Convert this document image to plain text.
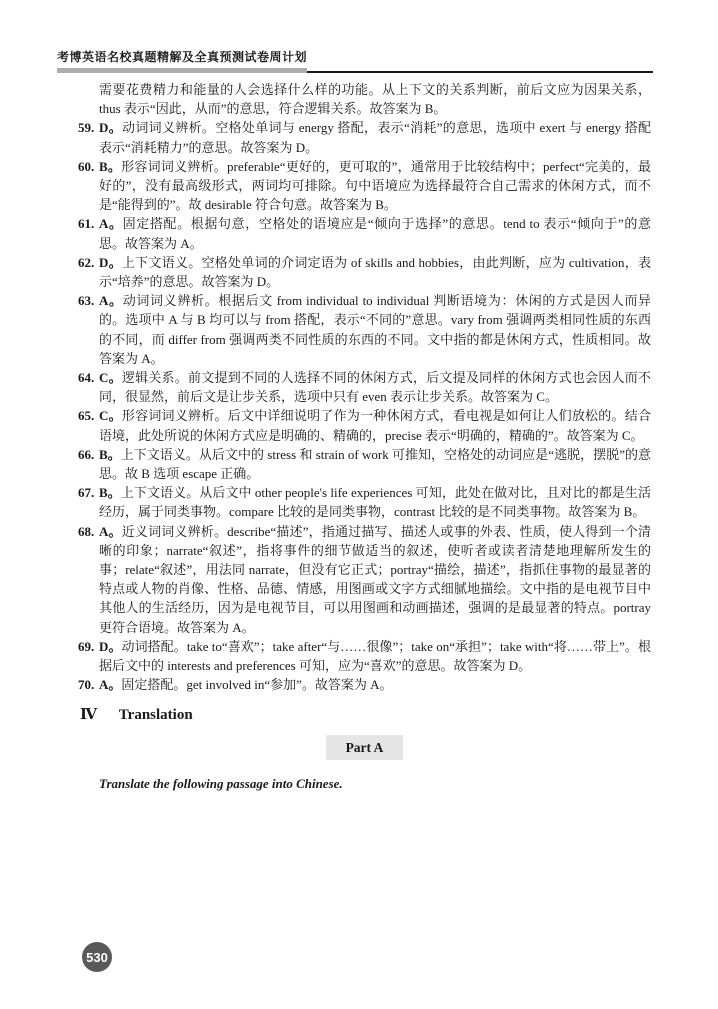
考博英语名校真题精解及全真预测试卷周计划

需要花费精力和能量的人会选择什么样的功能。从上下文的关系判断，前后文应为因果关系，thus 表示“因此，从而”的意思，符合逻辑关系。故答案为 B。

59. D。动词词义辨析。空格处单词与 energy 搭配，表示“消耗”的意思，选项中 exert 与 energy 搭配表示“消耗精力”的意思。故答案为 D。
60. B。形容词词义辨析。preferable“更好的，更可取的”，通常用于比较结构中；perfect“完美的，最好的”，没有最高级形式，两词均可排除。句中语境应为选择最符合自己需求的休闲方式，而不是“能得到的”。故 desirable 符合句意。故答案为 B。
61. A。固定搭配。根据句意，空格处的语境应是“倾向于选择”的意思。tend to 表示“倾向于”的意思。故答案为 A。
62. D。上下文语义。空格处单词的介词定语为 of skills and hobbies，由此判断，应为 cultivation，表示“培养”的意思。故答案为 D。
63. A。动词词义辨析。根据后文 from individual to individual 判断语境为：休闲的方式是因人而异的。选项中 A 与 B 均可以与 from 搭配，表示“不同的”意思。vary from 强调两类相同性质的东西的不同，而 differ from 强调两类不同性质的东西的不同。文中指的都是休闲方式，性质相同。故答案为 A。
64. C。逻辑关系。前文提到不同的人选择不同的休闲方式，后文提及同样的休闲方式也会因人而不同，很显然，前后文是让步关系，选项中只有 even 表示让步关系。故答案为 C。
65. C。形容词词义辨析。后文中详细说明了作为一种休闲方式，看电视是如何让人们放松的。结合语境，此处所说的休闲方式应是明确的、精确的，precise 表示“明确的，精确的”。故答案为 C。
66. B。上下文语义。从后文中的 stress 和 strain of work 可推知，空格处的动词应是“逃脱，摆脱”的意思。故 B 选项 escape 正确。
67. B。上下文语义。从后文中 other people's life experiences 可知，此处在做对比，且对比的都是生活经历，属于同类事物。compare 比较的是同类事物，contrast 比较的是不同类事物。故答案为 B。
68. A。近义词词义辨析。describe“描述”，指通过描写、描述人或事的外表、性质，使人得到一个清晰的印象；narrate“叙述”，指将事件的细节做适当的叙述，使听者或读者清楚地理解所发生的事；relate“叙述”，用法同 narrate，但没有它正式；portray“描绘，描述”，指抓住事物的最显著的特点或人物的肖像、性格、品德、情感，用图画或文字方式细腻地描绘。文中指的是电视节目中其他人的生活经历，因为是电视节目，可以用图画和动画描述，强调的是最显著的特点。portray 更符合语境。故答案为 A。
69. D。动词搭配。take to“喜欢”；take after“与……很像”；take on“承担”；take with“将……带上”。根据后文中的 interests and preferences 可知，应为“喜欢”的意思。故答案为 D。
70. A。固定搭配。get involved in“参加”。故答案为 A。
Ⅳ Translation
Part A

Translate the following passage into Chinese.

530
